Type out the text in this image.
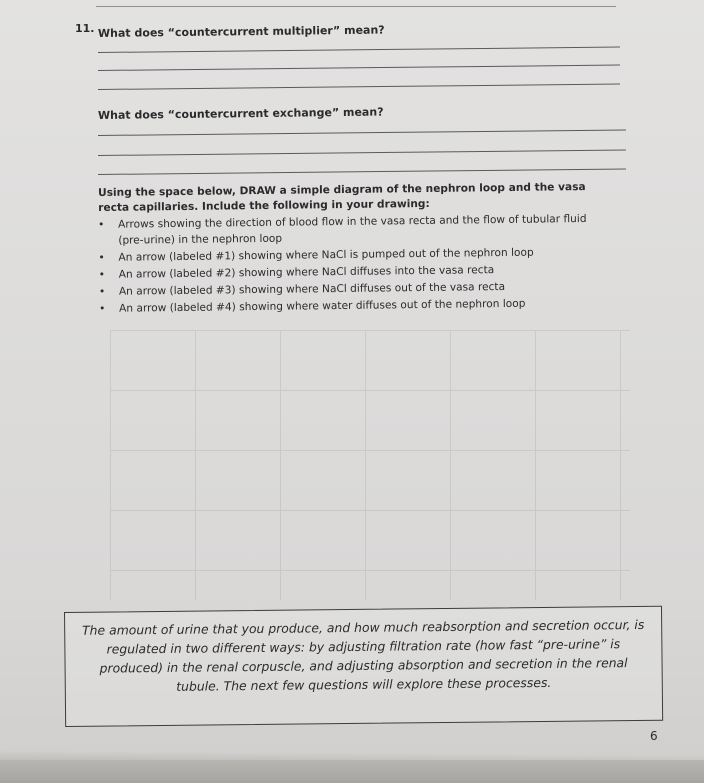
11. What does “countercurrent multiplier” mean?
What does “countercurrent exchange” mean?
Using the space below, DRAW a simple diagram of the nephron loop and the vasa recta capillaries. Include the following in your drawing:
• Arrows showing the direction of blood flow in the vasa recta and the flow of tubular fluid (pre-urine) in the nephron loop
• An arrow (labeled #1) showing where NaCl is pumped out of the nephron loop
• An arrow (labeled #2) showing where NaCl diffuses into the vasa recta
• An arrow (labeled #3) showing where NaCl diffuses out of the vasa recta
• An arrow (labeled #4) showing where water diffuses out of the nephron loop
The amount of urine that you produce, and how much reabsorption and secretion occur, is regulated in two different ways: by adjusting filtration rate (how fast “pre-urine” is produced) in the renal corpuscle, and adjusting absorption and secretion in the renal tubule. The next few questions will explore these processes.
6
